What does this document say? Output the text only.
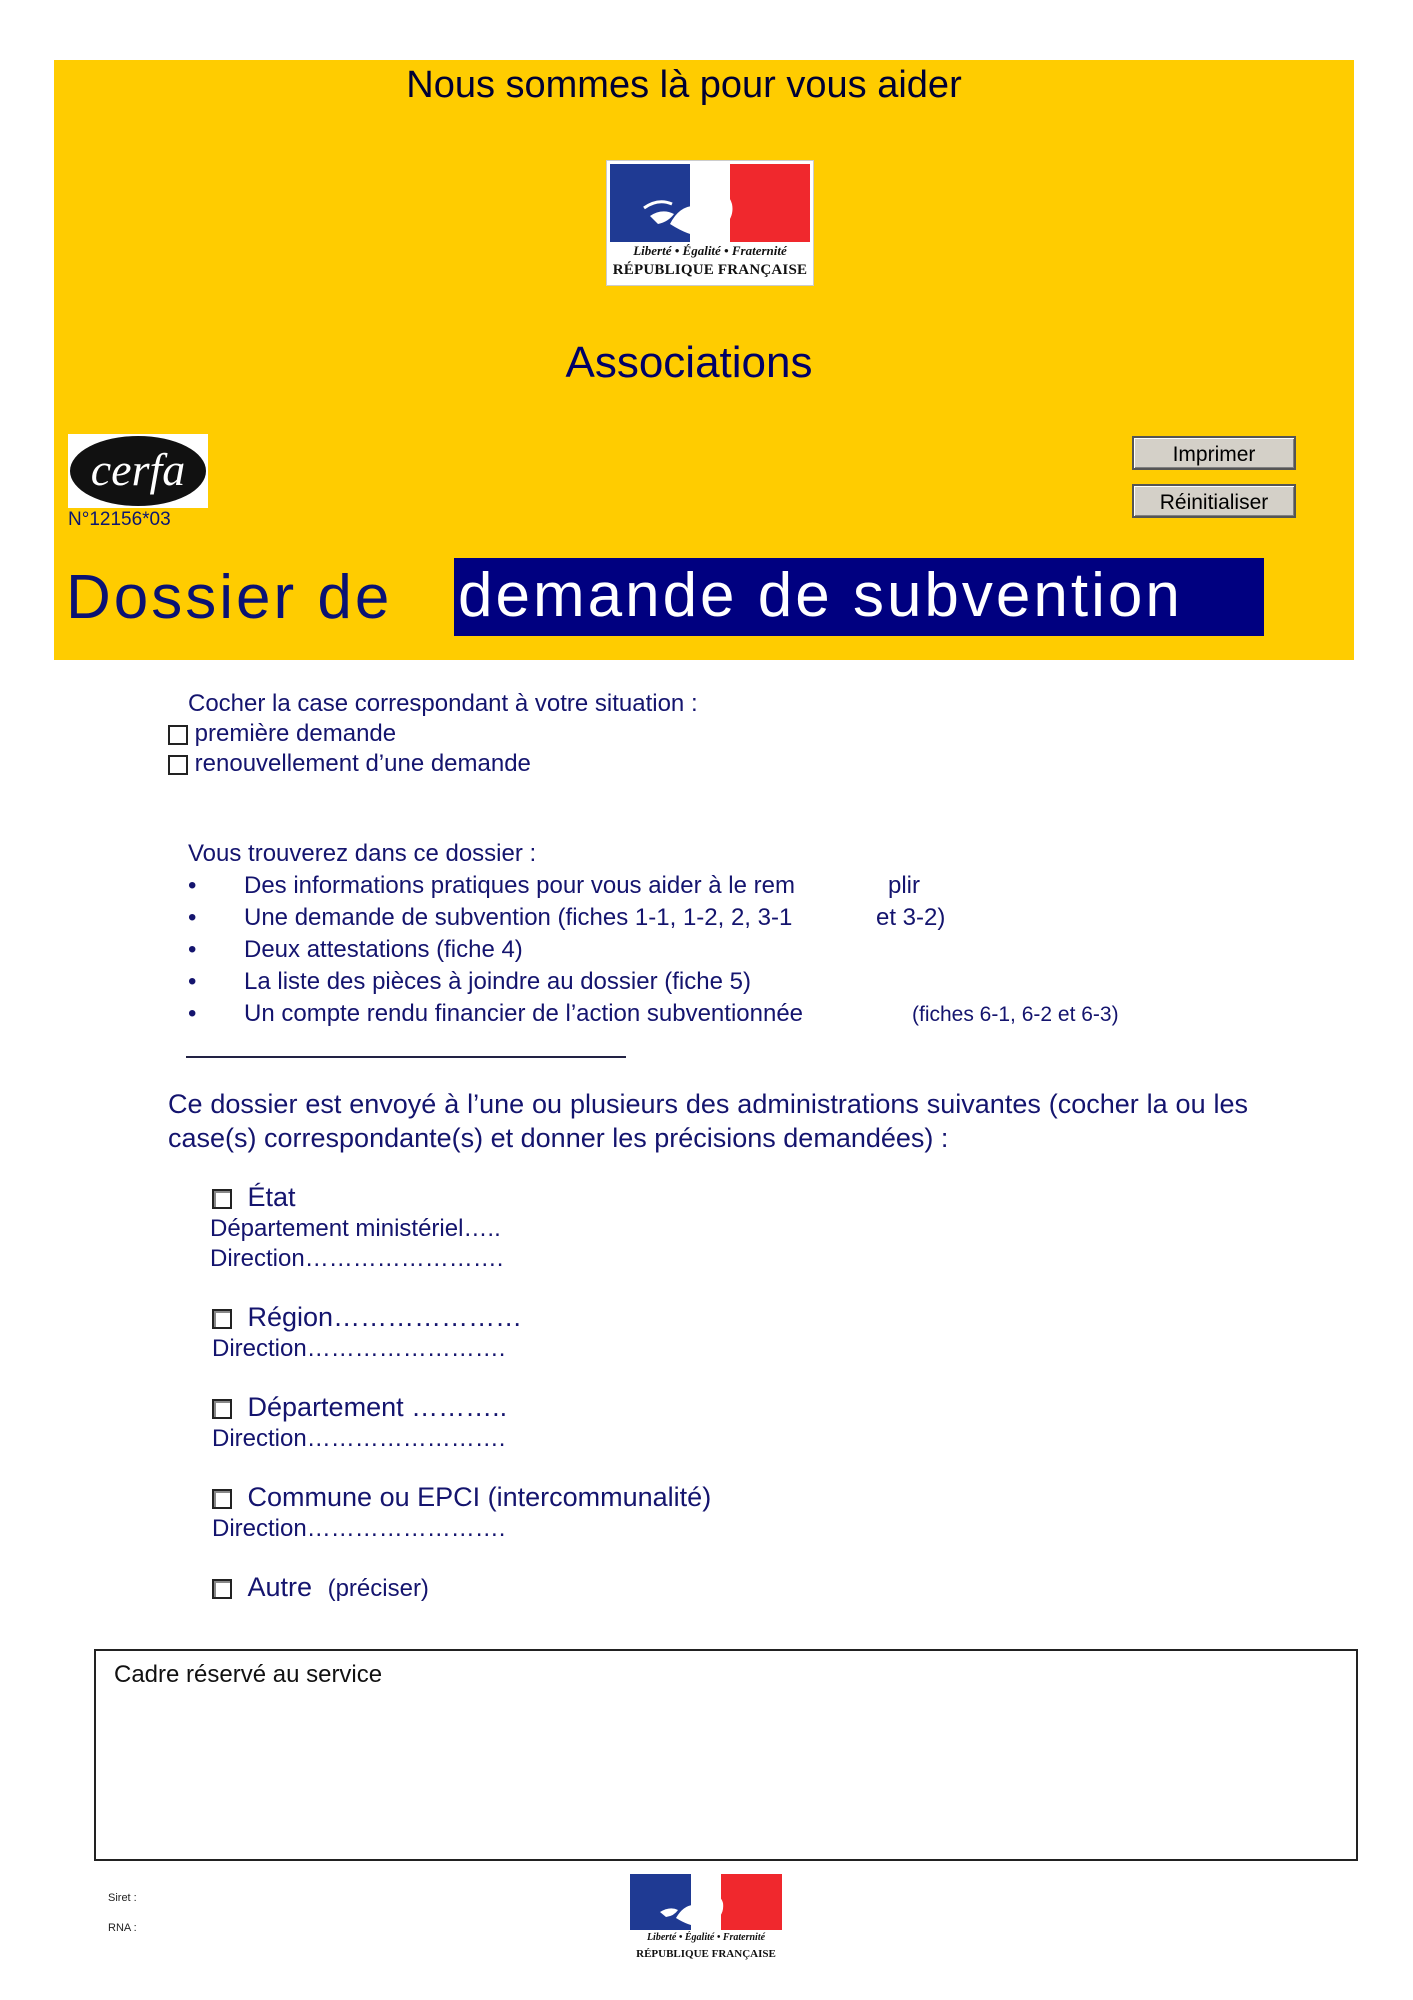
Nous sommes là pour vous aider
Liberté • Égalité • Fraternité
RÉPUBLIQUE FRANÇAISE
Associations
cerfa
N°12156*03
Imprimer
Réinitialiser
Dossier de demande de subvention
Cocher la case correspondant à votre situation :
première demande
renouvellement d’une demande
Vous trouverez dans ce dossier :
• Des informations pratiques pour vous aider à le rem	plir
• Une demande de subvention (fiches 1-1, 1-2, 2, 3-1	et 3-2)
• Deux attestations (fiche 4)
• La liste des pièces à joindre au dossier (fiche 5)
• Un compte rendu financier de l’action subventionnée	(fiches 6-1, 6-2 et 6-3)
Ce dossier est envoyé à l’une ou plusieurs des administrations suivantes (cocher la ou les case(s) correspondante(s) et donner les précisions demandées) :
État
Département ministériel…..
Direction…………………….
Région…………………
Direction…………………….
Département ………..
Direction…………………….
Commune ou EPCI (intercommunalité)
Direction…………………….
Autre (préciser)
Cadre réservé au service
Siret :
RNA :
Liberté • Égalité • Fraternité
RÉPUBLIQUE FRANÇAISE
